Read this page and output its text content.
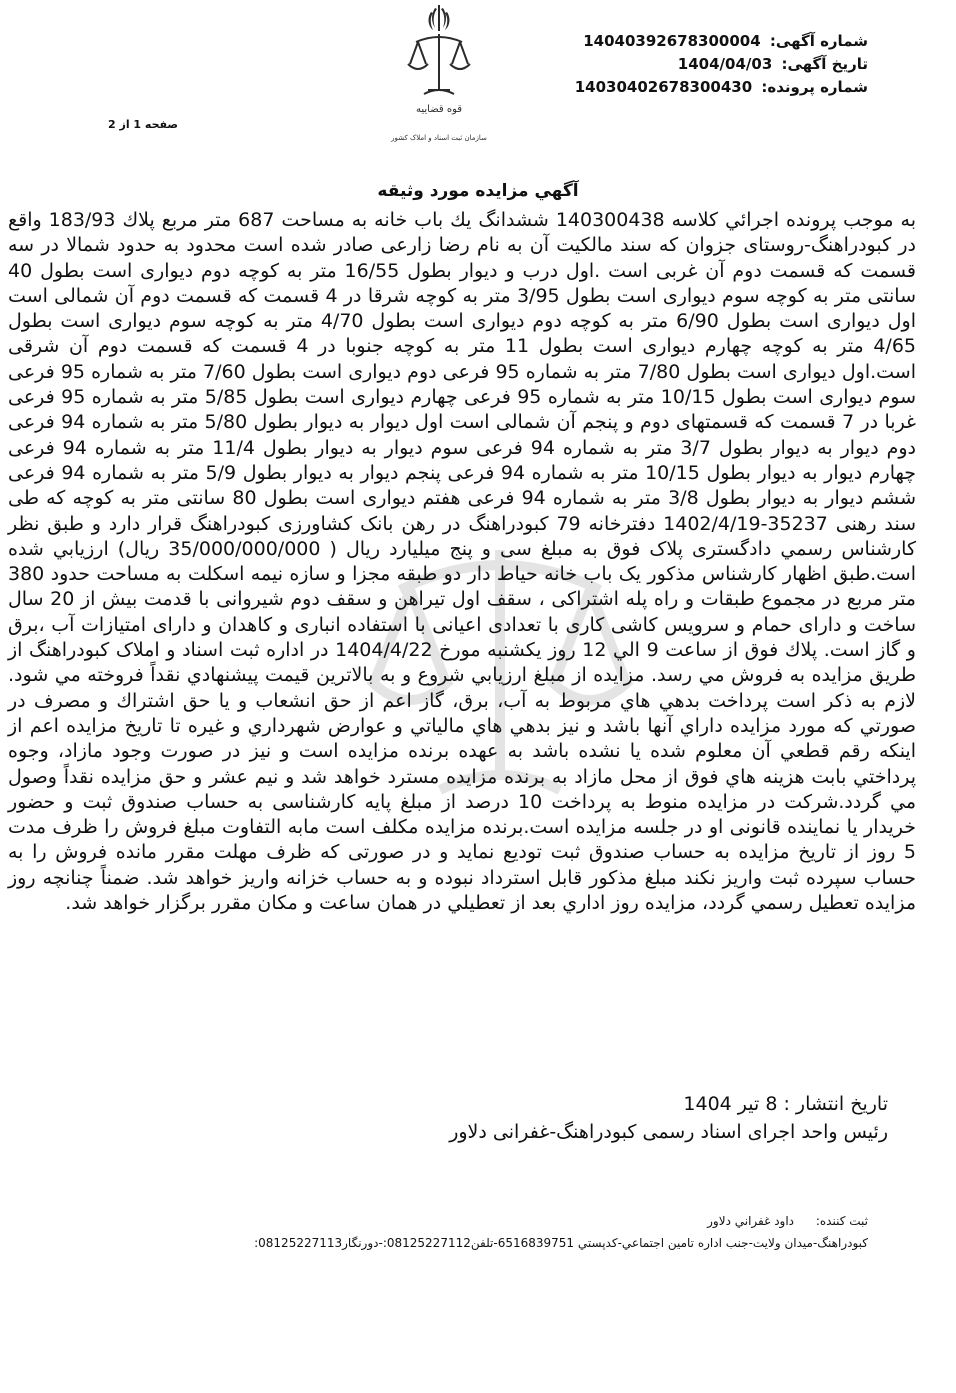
شماره آگهی: 14040392678300004
تاریخ آگهی: 1404/04/03
شماره پرونده: 14030402678300430
صفحه 1 از 2
قوه قضاییه
سازمان ثبت اسناد و املاک کشور
آگهي مزايده مورد وثيقه

به موجب پرونده اجرائي كلاسه 140300438 ششدانگ يك باب خانه به مساحت 687 متر مربع پلاك 183/93 واقع در كبودراهنگ-روستای جزوان که سند مالکیت آن به نام رضا زارعی صادر شده است محدود به حدود شمالا در سه قسمت که قسمت دوم آن غربی است .اول درب و دیوار بطول 16/55 متر به کوچه دوم دیواری است بطول 40 سانتی متر به کوچه سوم دیواری است بطول 3/95 متر به کوچه شرقا در 4 قسمت که قسمت دوم آن شمالی است اول دیواری است بطول 6/90 متر به کوچه دوم دیواری است بطول 4/70 متر به کوچه سوم دیواری است بطول 4/65 متر به کوچه چهارم دیواری است بطول 11 متر به کوچه جنوبا در 4 قسمت که قسمت دوم آن شرقی است.اول دیواری است بطول 7/80 متر به شماره 95 فرعی دوم دیواری است بطول 7/60 متر به شماره 95 فرعی سوم دیواری است بطول 10/15 متر به شماره 95 فرعی چهارم دیواری است بطول 5/85 متر به شماره 95 فرعی غربا در 7 قسمت که قسمتهای دوم و پنجم آن شمالی است اول دیوار به دیوار بطول 5/80 متر به شماره 94 فرعی دوم دیوار به دیوار بطول 3/7 متر به شماره 94 فرعی سوم دیوار به دیوار بطول 11/4 متر به شماره 94 فرعی چهارم دیوار به دیوار بطول 10/15 متر به شماره 94 فرعی پنجم دیوار به دیوار بطول 5/9 متر به شماره 94 فرعی ششم دیوار به دیوار بطول 3/8 متر به شماره 94 فرعی هفتم دیواری است بطول 80 سانتی متر به کوچه که طی سند رهنی 35237-1402/4/19 دفترخانه 79 کبودراهنگ در رهن بانک کشاورزی کبودراهنگ قرار دارد و طبق نظر كارشناس رسمي دادگستری پلاک فوق به مبلغ سی و پنج میلیارد ریال ( 35/000/000/000 ريال) ارزيابي شده است.طبق اظهار کارشناس مذکور یک باب خانه حیاط دار دو طبقه مجزا و سازه نیمه اسکلت به مساحت حدود 380 متر مربع در مجموع طبقات و راه پله اشتراکی ، سقف اول تیراهن و سقف دوم شیروانی با قدمت بیش از 20 سال ساخت و دارای حمام و سرویس کاشی کاری با تعدادی اعیانی با استفاده انباری و کاهدان و دارای امتیازات آب ،برق و گاز است. پلاك فوق از ساعت 9 الي 12 روز یکشنبه مورخ 1404/4/22 در اداره ثبت اسناد و املاک کبودراهنگ از طريق مزايده به فروش مي رسد. مزايده از مبلغ ارزيابي شروع و به بالاترين قيمت پيشنهادي نقداً فروخته مي شود. لازم به ذكر است پرداخت بدهي هاي مربوط به آب، برق، گاز اعم از حق انشعاب و يا حق اشتراك و مصرف در صورتي كه مورد مزايده داراي آنها باشد و نيز بدهي هاي مالياتي و عوارض شهرداري و غيره تا تاريخ مزايده اعم از اينكه رقم قطعي آن معلوم شده يا نشده باشد به عهده برنده مزايده است و نيز در صورت وجود مازاد، وجوه پرداختي بابت هزينه هاي فوق از محل مازاد به برنده مزايده مسترد خواهد شد و نيم عشر و حق مزايده نقداً وصول مي گردد.شرکت در مزایده منوط به پرداخت 10 درصد از مبلغ پایه کارشناسی به حساب صندوق ثبت و حضور خریدار یا نماینده قانونی او در جلسه مزایده است.برنده مزایده مکلف است مابه التفاوت مبلغ فروش را ظرف مدت 5 روز از تاریخ مزایده به حساب صندوق ثبت تودیع نماید و در صورتی که ظرف مهلت مقرر مانده فروش را به حساب سپرده ثبت واریز نکند مبلغ مذکور قابل استرداد نبوده و به حساب خزانه واریز خواهد شد. ضمناً چنانچه روز مزايده تعطيل رسمي گردد، مزايده روز اداري بعد از تعطيلي در همان ساعت و مكان مقرر برگزار خواهد شد.

تاریخ انتشار : 8 تیر 1404
رئیس واحد اجرای اسناد رسمی کبودراهنگ-غفرانی دلاور
ثبت كننده: داود غفراني دلاور
كبودراهنگ-ميدان ولايت-جنب اداره تامين اجتماعي-كدپستي 6516839751-تلفن08125227112:-دورنگار08125227113:
